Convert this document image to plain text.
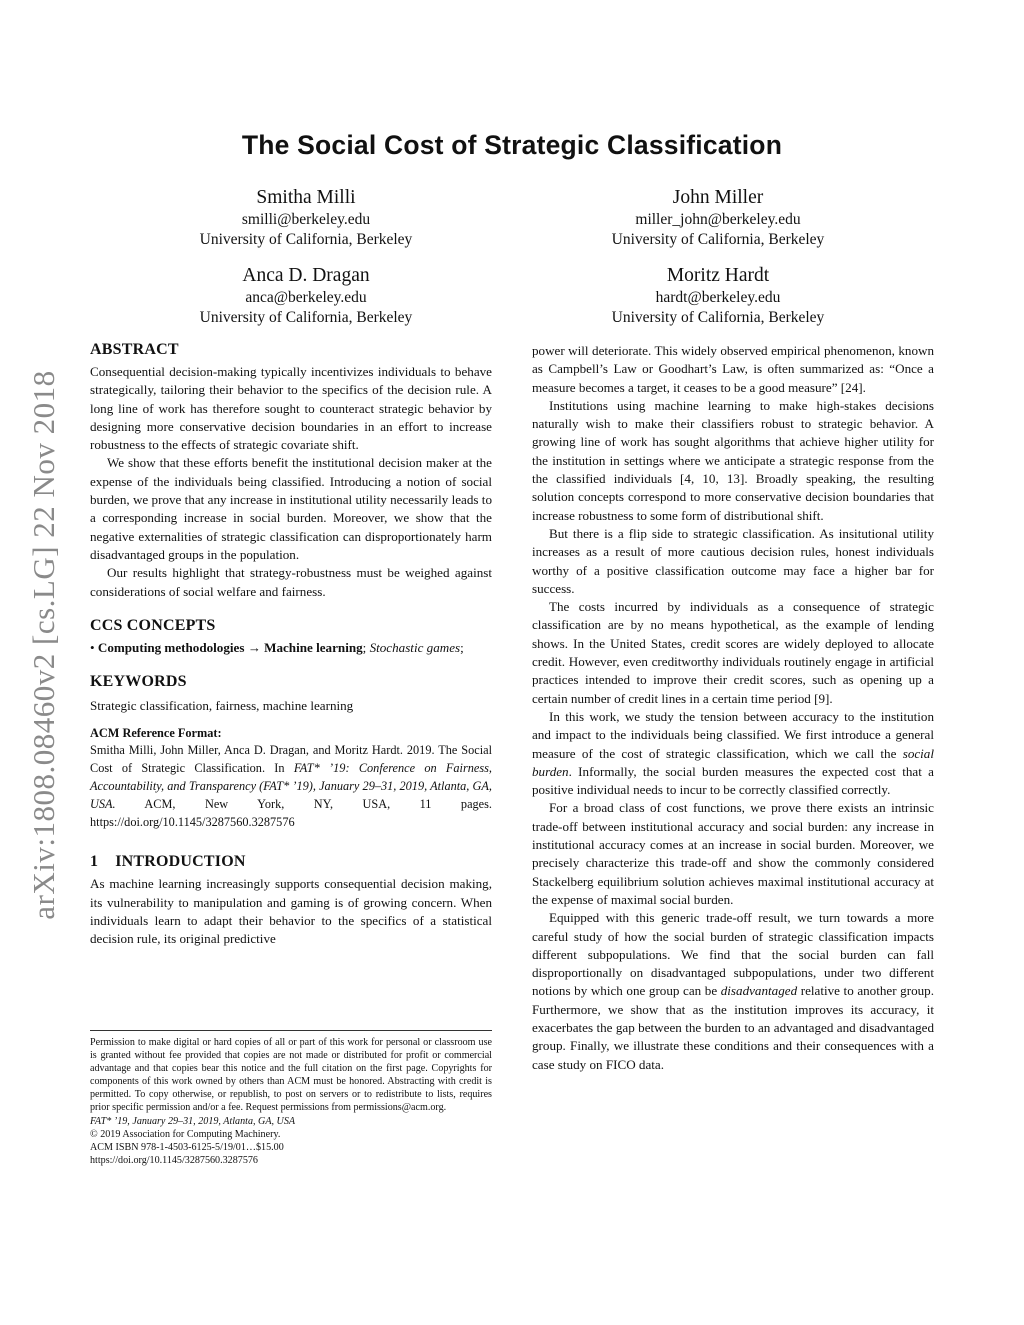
arXiv:1808.08460v2 [cs.LG] 22 Nov 2018
The Social Cost of Strategic Classification
Smitha Milli
smilli@berkeley.edu
University of California, Berkeley
John Miller
miller_john@berkeley.edu
University of California, Berkeley
Anca D. Dragan
anca@berkeley.edu
University of California, Berkeley
Moritz Hardt
hardt@berkeley.edu
University of California, Berkeley
ABSTRACT

Consequential decision-making typically incentivizes individuals to behave strategically, tailoring their behavior to the specifics of the decision rule. A long line of work has therefore sought to counteract strategic behavior by designing more conservative decision boundaries in an effort to increase robustness to the effects of strategic covariate shift.

We show that these efforts benefit the institutional decision maker at the expense of the individuals being classified. Introducing a notion of social burden, we prove that any increase in institutional utility necessarily leads to a corresponding increase in social burden. Moreover, we show that the negative externalities of strategic classification can disproportionately harm disadvantaged groups in the population.

Our results highlight that strategy-robustness must be weighed against considerations of social welfare and fairness.

CCS CONCEPTS

• Computing methodologies → Machine learning; Stochastic games;

KEYWORDS

Strategic classification, fairness, machine learning

ACM Reference Format:
Smitha Milli, John Miller, Anca D. Dragan, and Moritz Hardt. 2019. The Social Cost of Strategic Classification. In FAT* ’19: Conference on Fairness, Accountability, and Transparency (FAT* ’19), January 29–31, 2019, Atlanta, GA, USA. ACM, New York, NY, USA, 11 pages. https://doi.org/10.1145/3287560.3287576
1 INTRODUCTION

As machine learning increasingly supports consequential decision making, its vulnerability to manipulation and gaming is of growing concern. When individuals learn to adapt their behavior to the specifics of a statistical decision rule, its original predictive

power will deteriorate. This widely observed empirical phenomenon, known as Campbell’s Law or Goodhart’s Law, is often summarized as: “Once a measure becomes a target, it ceases to be a good measure” [24].

Institutions using machine learning to make high-stakes decisions naturally wish to make their classifiers robust to strategic behavior. A growing line of work has sought algorithms that achieve higher utility for the institution in settings where we anticipate a strategic response from the the classified individuals [4, 10, 13]. Broadly speaking, the resulting solution concepts correspond to more conservative decision boundaries that increase robustness to some form of distributional shift.

But there is a flip side to strategic classification. As insitutional utility increases as a result of more cautious decision rules, honest individuals worthy of a positive classification outcome may face a higher bar for success.

The costs incurred by individuals as a consequence of strategic classification are by no means hypothetical, as the example of lending shows. In the United States, credit scores are widely deployed to allocate credit. However, even creditworthy individuals routinely engage in artificial practices intended to improve their credit scores, such as opening up a certain number of credit lines in a certain time period [9].

In this work, we study the tension between accuracy to the institution and impact to the individuals being classified. We first introduce a general measure of the cost of strategic classification, which we call the social burden. Informally, the social burden measures the expected cost that a positive individual needs to incur to be correctly classified correctly.

For a broad class of cost functions, we prove there exists an intrinsic trade-off between institutional accuracy and social burden: any increase in institutional accuracy comes at an increase in social burden. Moreover, we precisely characterize this trade-off and show the commonly considered Stackelberg equilibrium solution achieves maximal institutional accuracy at the expense of maximal social burden.

Equipped with this generic trade-off result, we turn towards a more careful study of how the social burden of strategic classification impacts different subpopulations. We find that the social burden can fall disproportionally on disadvantaged subpopulations, under two different notions by which one group can be disadvantaged relative to another group. Furthermore, we show that as the institution improves its accuracy, it exacerbates the gap between the burden to an advantaged and disadvantaged group. Finally, we illustrate these conditions and their consequences with a case study on FICO data.

Permission to make digital or hard copies of all or part of this work for personal or classroom use is granted without fee provided that copies are not made or distributed for profit or commercial advantage and that copies bear this notice and the full citation on the first page. Copyrights for components of this work owned by others than ACM must be honored. Abstracting with credit is permitted. To copy otherwise, or republish, to post on servers or to redistribute to lists, requires prior specific permission and/or a fee. Request permissions from permissions@acm.org.
FAT* ’19, January 29–31, 2019, Atlanta, GA, USA
© 2019 Association for Computing Machinery.
ACM ISBN 978-1-4503-6125-5/19/01…$15.00
https://doi.org/10.1145/3287560.3287576
